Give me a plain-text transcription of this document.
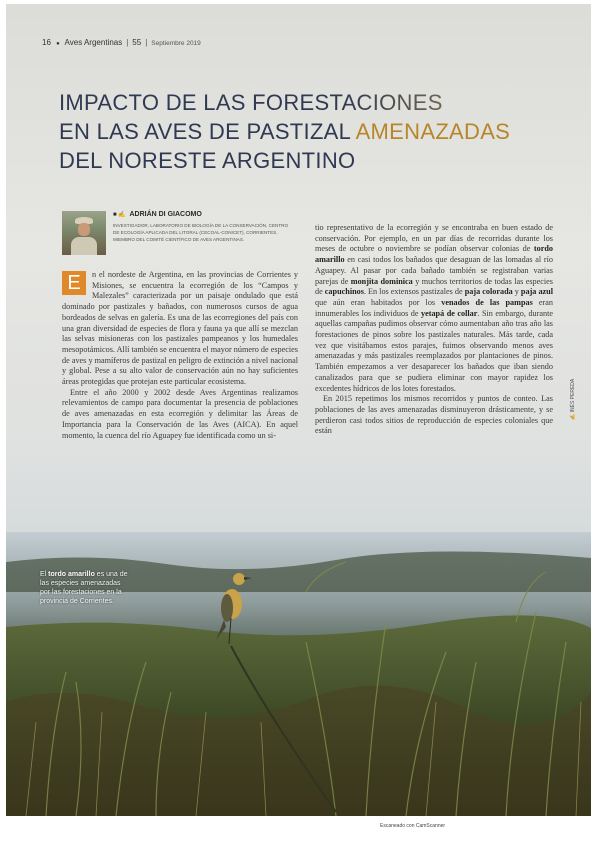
16 ● Aves Argentinas | 55 | Septiembre 2019
IMPACTO DE LAS FORESTACIONES
EN LAS AVES DE PASTIZAL AMENAZADAS
DEL NORESTE ARGENTINO
■ ✍ ADRIÁN DI GIACOMO
INVESTIGADOR, LABORATORIO DE BIOLOGÍA DE LA CONSERVACIÓN, CENTRO DE ECOLOGÍA APLICADA DEL LITORAL (CECOAL-CONICET), CORRIENTES. MIEMBRO DEL COMITÉ CIENTÍFICO DE AVES ARGENTINAS.

E	n el nordeste de Argentina, en las provincias de Corrientes y Misiones, se encuentra la ecorregión de los “Campos y Malezales” caracterizada por un paisaje ondulado que está dominado por pastizales y bañados, con numerosos cursos de agua bordeados de selvas en galería. Es una de las ecorregiones del país con una gran diversidad de especies de flora y fauna ya que allí se mezclan las selvas misioneras con los pastizales pampeanos y los humedales mesopotámicos. Allí también se encuentra el mayor número de especies de aves y mamíferos de pastizal en peligro de extinción a nivel nacional y global. Pese a su alto valor de conservación aún no hay suficientes áreas protegidas que protejan este particular ecosistema.

Entre el año 2000 y 2002 desde Aves Argentinas realizamos relevamientos de campo para documentar la presencia de poblaciones de aves amenazadas en esta ecorregión y delimitar las Áreas de Importancia para la Conservación de las Aves (AICA). En aquel momento, la cuenca del río Aguapey fue identificada como un si-

tio representativo de la ecorregión y se encontraba en buen estado de conservación. Por ejemplo, en un par días de recorridas durante los meses de octubre o noviembre se podían observar colonias de tordo amarillo en casi todos los bañados que desaguan de las lomadas al río Aguapey. Al pasar por cada bañado también se registraban varias parejas de monjita dominica y muchos territorios de todas las especies de capuchinos. En los extensos pastizales de paja colorada y paja azul que aún eran habitados por los venados de las pampas eran innumerables los individuos de yetapá de collar. Sin embargo, durante aquellas campañas pudimos observar cómo aumentaban año tras año las forestaciones de pinos sobre los pastizales naturales. Más tarde, cada vez que visitábamos estos parajes, fuimos observando menos aves amenazadas y más pastizales reemplazados por plantaciones de pinos. También empezamos a ver desaparecer los bañados que iban siendo canalizados para que se pudiera eliminar con mayor rapidez los excedentes hídricos de los lotes forestados.

En 2015 repetimos los mismos recorridos y puntos de conteo. Las poblaciones de las aves amenazadas disminuyeron drásticamente, y se perdieron casi todos sitios de reproducción de especies coloniales que están

✍ INÉS PEREDA
El tordo amarillo es una de las especies amenazadas por las forestaciones en la provincia de Corrientes.
Escaneado con CamScanner
